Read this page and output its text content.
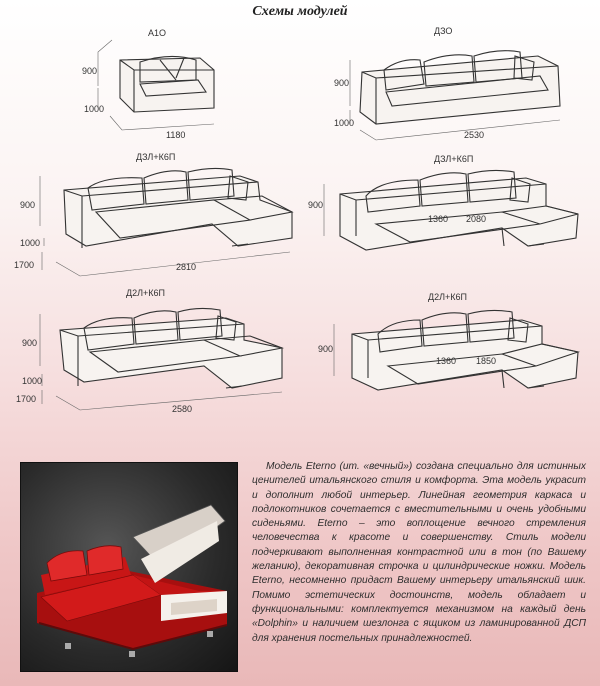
Схемы модулей
А1О
900
1000
1180
ДЗО
900
1000
2530
ДЗЛ+К6П
900
1000
1700	2810
ДЗЛ+К6П
900
1360 2080
Д2Л+К6П
900
1000
1700
2580
Д2Л+К6П
900
1360 1850
Модель Eterno (ит. «вечный») создана специально для истинных ценителей итальянского стиля и комфорта. Эта модель украсит и дополнит любой интерьер. Линейная геометрия каркаса и подлокотников сочетается с вместительными и очень удобными сиденьями. Eterno – это воплощение вечного стремления человечества к красоте и совершенству. Стиль модели подчеркивают выполненная контрастной или в тон (по Вашему желанию), декоративная строчка и цилиндрические ножки. Модель Eterno, несомненно придаст Вашему интерьеру итальянский шик. Помимо эстетических достоинств, модель обладает и функциональными: комплектуется механизмом на каждый день «Dolphin» и наличием шезлонга с ящиком из ламинированной ДСП для хранения постельных принадлежностей.
